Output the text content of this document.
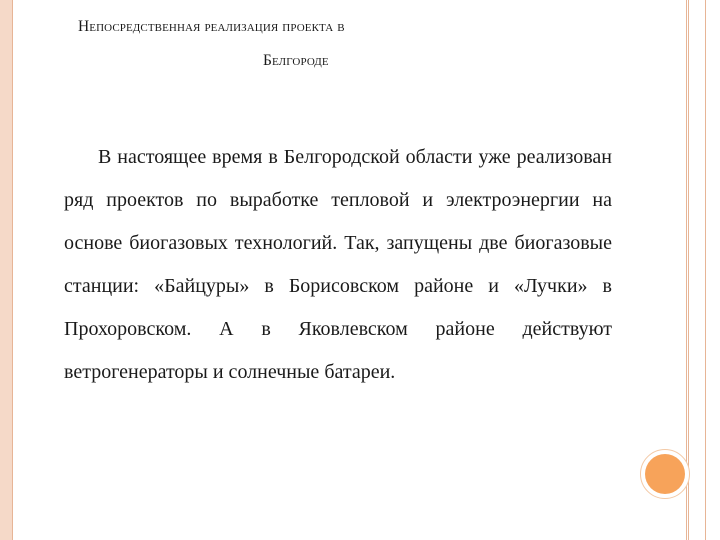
Непосредственная реализация проекта в
Белгороде

В настоящее время в Белгородской области уже реализован ряд проектов по выработке тепловой и электроэнергии на основе биогазовых технологий. Так, запущены две биогазовые станции: «Байцуры» в Борисовском районе и «Лучки» в Прохоровском. А в Яковлевском районе действуют ветрогенераторы и солнечные батареи.
